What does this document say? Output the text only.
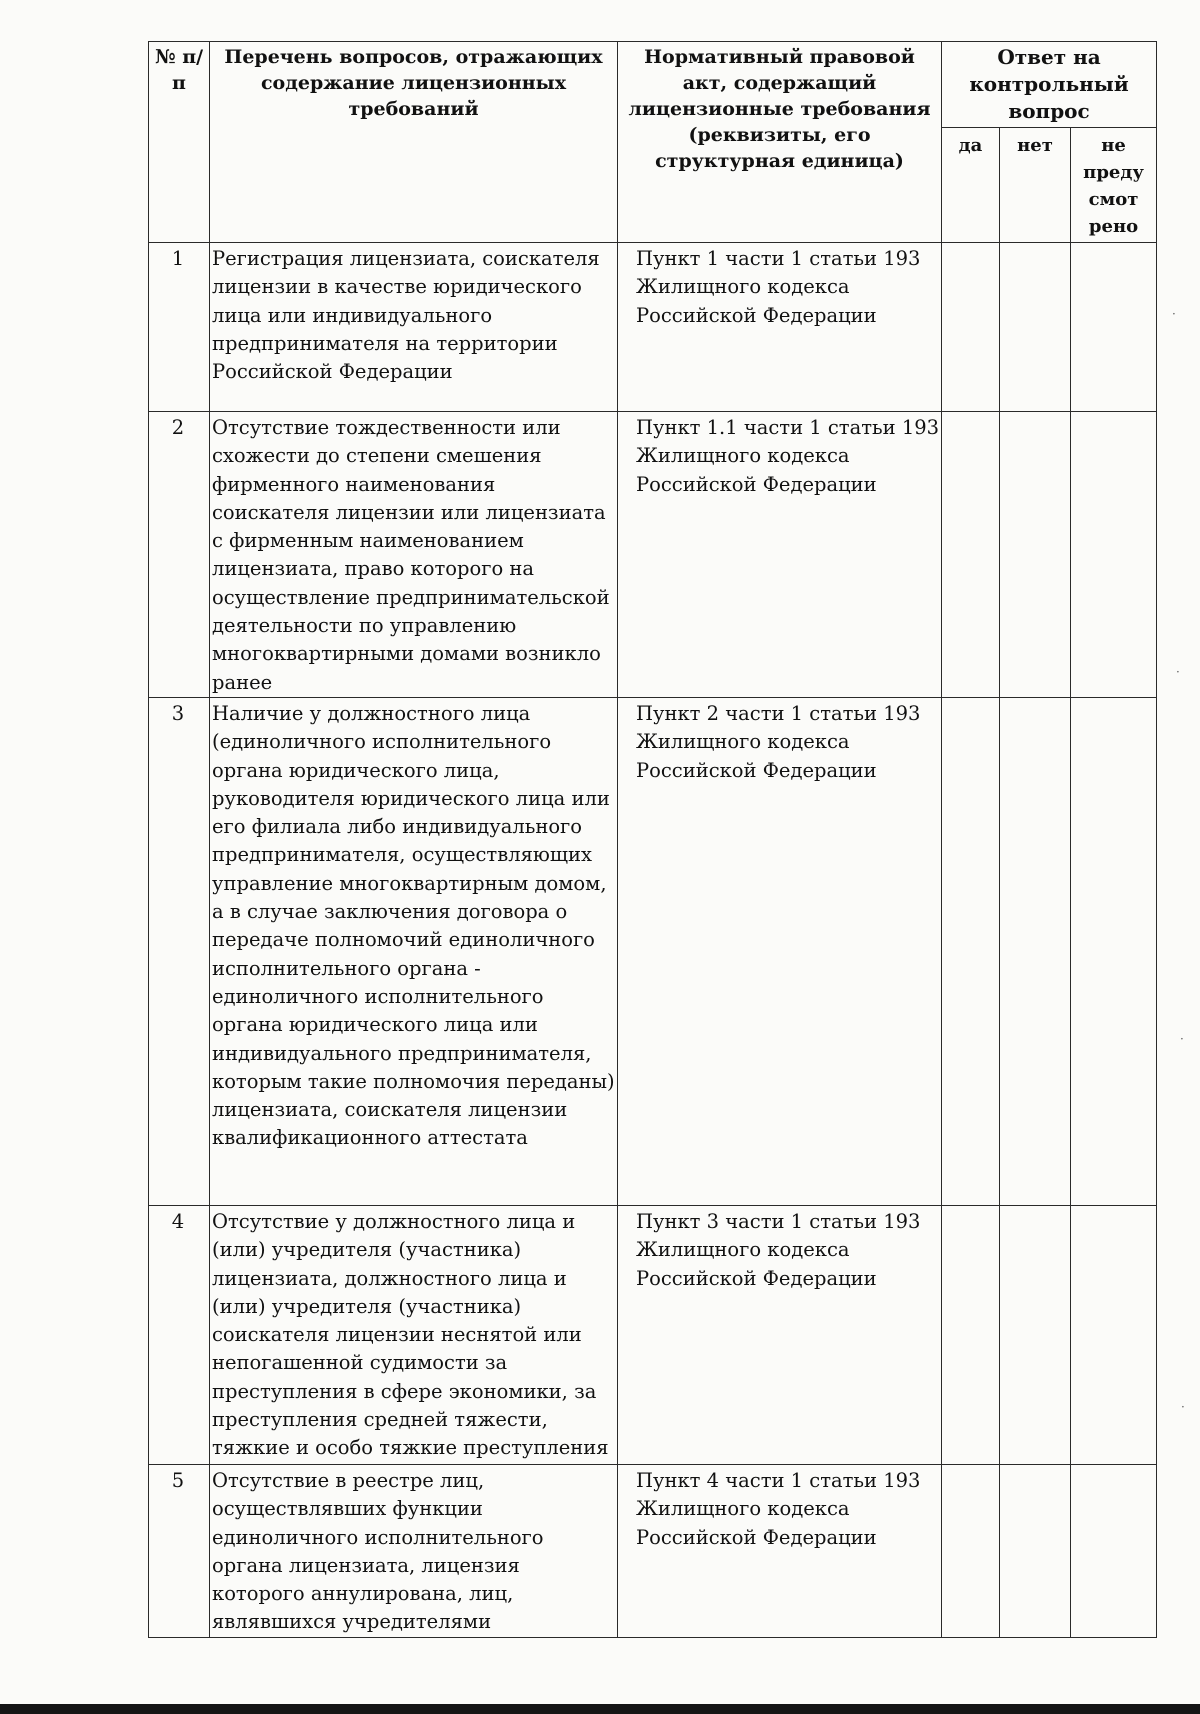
№ п/п	Перечень вопросов, отражающих содержание лицензионных требований	Нормативный правовой акт, содержащий лицензионные требования (реквизиты, его структурная единица)	Ответ на контрольный вопрос		
			да	нет	не преду смот рено
1	Регистрация лицензиата, соискателя лицензии в качестве юридического лица или индивидуального предпринимателя на территории Российской Федерации	Пункт 1 части 1 статьи 193 Жилищного кодекса Российской Федерации			
2	Отсутствие тождественности или схожести до степени смешения фирменного наименования соискателя лицензии или лицензиата с фирменным наименованием лицензиата, право которого на осуществление предпринимательской деятельности по управлению многоквартирными домами возникло ранее	Пункт 1.1 части 1 статьи 193 Жилищного кодекса Российской Федерации			
3	Наличие у должностного лица (единоличного исполнительного органа юридического лица, руководителя юридического лица или его филиала либо индивидуального предпринимателя, осуществляющих управление многоквартирным домом, а в случае заключения договора о передаче полномочий единоличного исполнительного органа - единоличного исполнительного органа юридического лица или индивидуального предпринимателя, которым такие полномочия переданы) лицензиата, соискателя лицензии квалификационного аттестата	Пункт 2 части 1 статьи 193 Жилищного кодекса Российской Федерации			
4	Отсутствие у должностного лица и (или) учредителя (участника) лицензиата, должностного лица и (или) учредителя (участника) соискателя лицензии неснятой или непогашенной судимости за преступления в сфере экономики, за преступления средней тяжести, тяжкие и особо тяжкие преступления	Пункт 3 части 1 статьи 193 Жилищного кодекса Российской Федерации			
5	Отсутствие в реестре лиц, осуществлявших функции единоличного исполнительного органа лицензиата, лицензия которого аннулирована, лиц, являвшихся учредителями	Пункт 4 части 1 статьи 193 Жилищного кодекса Российской Федерации			
·
·
·
·
